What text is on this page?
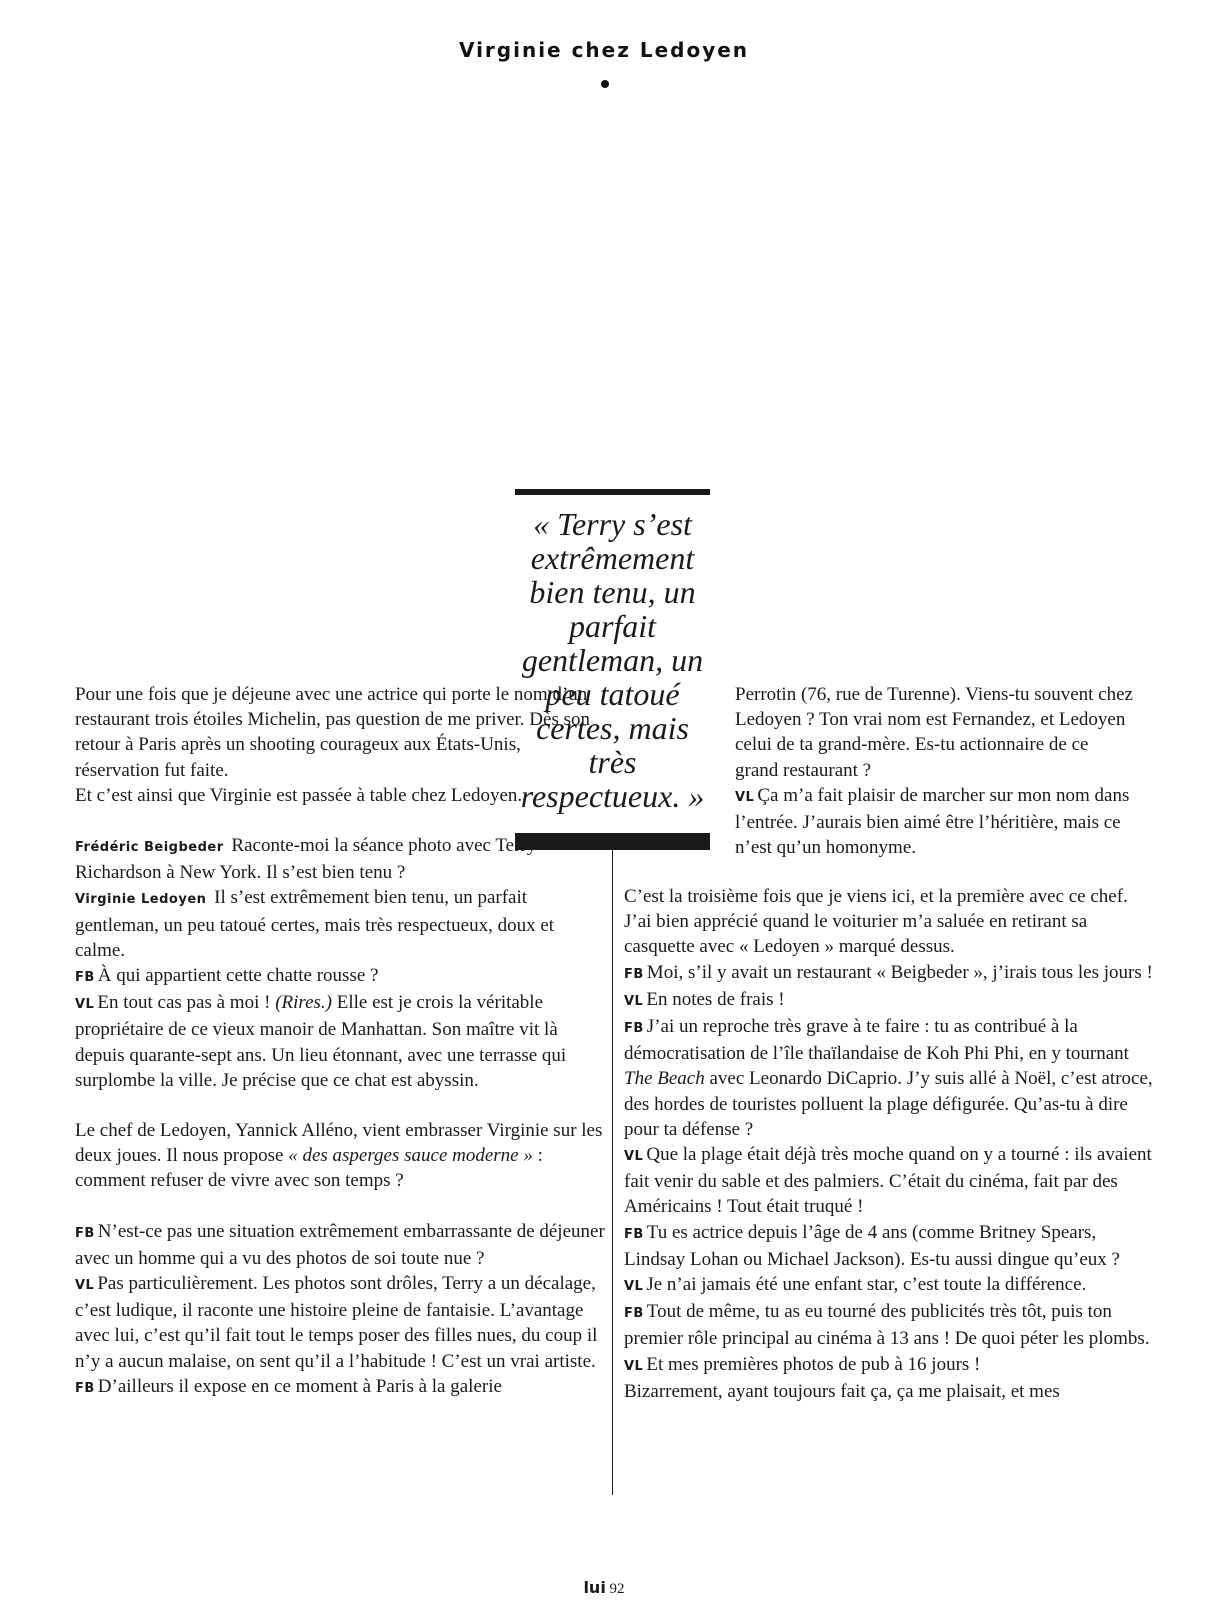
Virginie chez Ledoyen
« Terry s’est extrêmement bien tenu, un parfait gentleman, un peu tatoué certes, mais très respectueux. »

Pour une fois que je déjeune avec une actrice qui porte le nom d’un restaurant trois étoiles Michelin, pas question de me priver. Dès son retour à Paris après un shooting courageux aux États-Unis, réservation fut faite.

Et c’est ainsi que Virginie est passée à table chez Ledoyen.

Frédéric Beigbeder Raconte-moi la séance photo avec Terry Richardson à New York. Il s’est bien tenu ?

Virginie Ledoyen Il s’est extrêmement bien tenu, un parfait gentleman, un peu tatoué certes, mais très respectueux, doux et calme.

FB À qui appartient cette chatte rousse ?

VL En tout cas pas à moi ! (Rires.) Elle est je crois la véritable propriétaire de ce vieux manoir de Manhattan. Son maître vit là depuis quarante-sept ans. Un lieu étonnant, avec une terrasse qui surplombe la ville. Je précise que ce chat est abyssin.

Le chef de Ledoyen, Yannick Alléno, vient embrasser Virginie sur les deux joues. Il nous propose « des asperges sauce moderne » : comment refuser de vivre avec son temps ?

FB N’est-ce pas une situation extrêmement embarrassante de déjeuner avec un homme qui a vu des photos de soi toute nue ?

VL Pas particulièrement. Les photos sont drôles, Terry a un décalage, c’est ludique, il raconte une histoire pleine de fantaisie. L’avantage avec lui, c’est qu’il fait tout le temps poser des filles nues, du coup il n’y a aucun malaise, on sent qu’il a l’habitude ! C’est un vrai artiste.

FB D’ailleurs il expose en ce moment à Paris à la galerie

Perrotin (76, rue de Turenne). Viens-tu souvent chez Ledoyen ? Ton vrai nom est Fernandez, et Ledoyen celui de ta grand-mère. Es-tu actionnaire de ce grand restaurant ?

VL Ça m’a fait plaisir de marcher sur mon nom dans l’entrée. J’aurais bien aimé être l’héritière, mais ce n’est qu’un homonyme.

C’est la troisième fois que je viens ici, et la première avec ce chef. J’ai bien apprécié quand le voiturier m’a saluée en retirant sa casquette avec « Ledoyen » marqué dessus.

FB Moi, s’il y avait un restaurant « Beigbeder », j’irais tous les jours !

VL En notes de frais !

FB J’ai un reproche très grave à te faire : tu as contribué à la démocratisation de l’île thaïlandaise de Koh Phi Phi, en y tournant The Beach avec Leonardo DiCaprio. J’y suis allé à Noël, c’est atroce, des hordes de touristes polluent la plage défigurée. Qu’as-tu à dire pour ta défense ?

VL Que la plage était déjà très moche quand on y a tourné : ils avaient fait venir du sable et des palmiers. C’était du cinéma, fait par des Américains ! Tout était truqué !

FB Tu es actrice depuis l’âge de 4 ans (comme Britney Spears, Lindsay Lohan ou Michael Jackson). Es-tu aussi dingue qu’eux ?

VL Je n’ai jamais été une enfant star, c’est toute la différence.

FB Tout de même, tu as eu tourné des publicités très tôt, puis ton premier rôle principal au cinéma à 13 ans ! De quoi péter les plombs.

VL Et mes premières photos de pub à 16 jours !

Bizarrement, ayant toujours fait ça, ça me plaisait, et mes

lui 92
